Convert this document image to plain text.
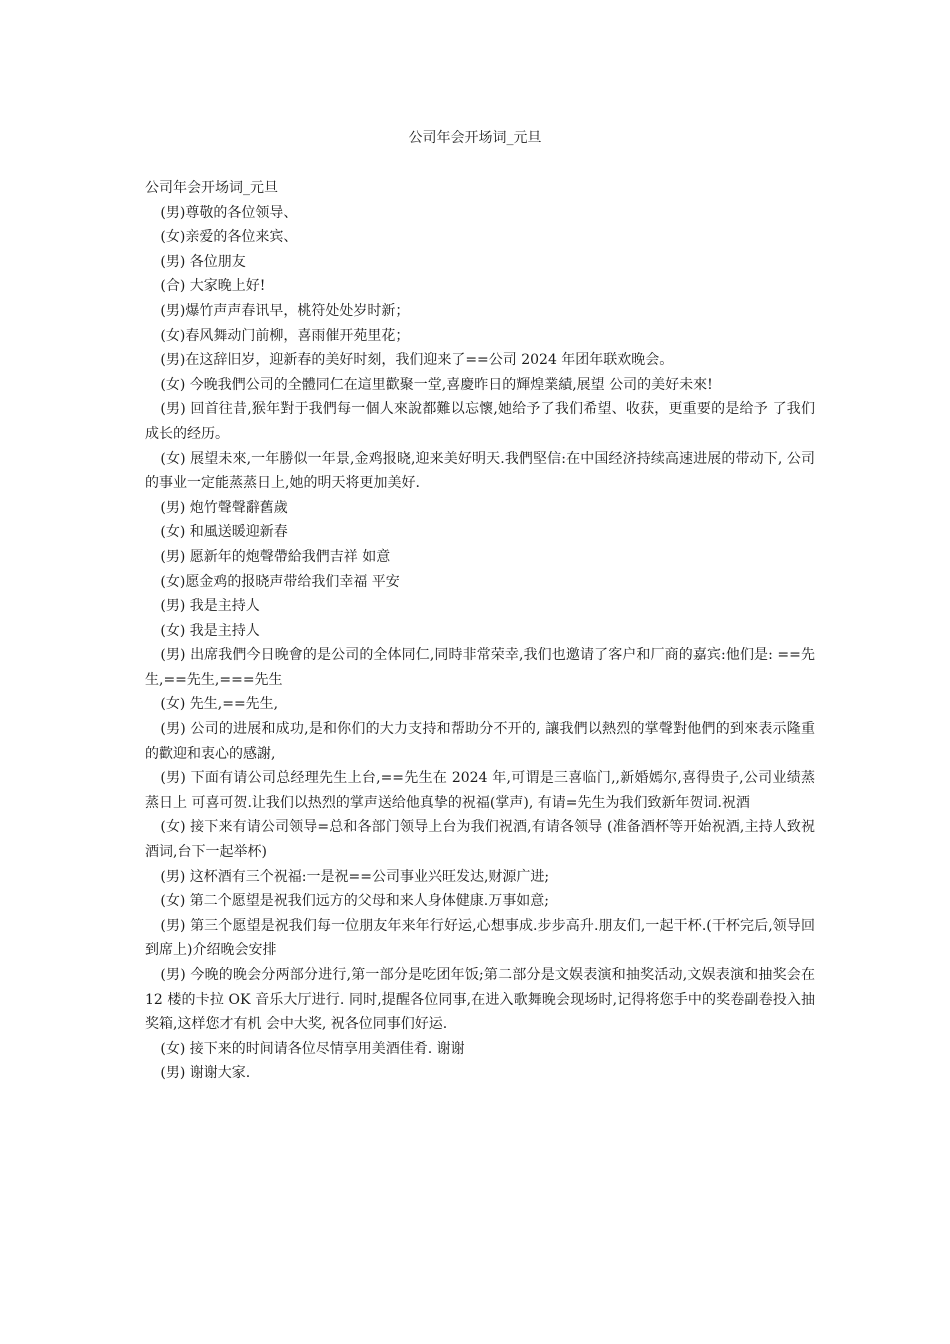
公司年会开场词_元旦

公司年会开场词_元旦

(男)尊敬的各位领导、

(女)亲爱的各位来宾、

(男) 各位朋友

(合) 大家晚上好!

(男)爆竹声声春讯早，桃符处处岁时新；

(女)春风舞动门前柳，喜雨催开苑里花；

(男)在这辞旧岁，迎新春的美好时刻，我们迎来了==公司 2024 年团年联欢晚会。

(女) 今晚我們公司的全體同仁在這里歡聚一堂,喜慶昨日的輝煌業績,展望 公司的美好未來!

(男) 回首往昔,猴年對于我們每一個人來說都難以忘懷,她给予了我们希望、收获，更重要的是给予 了我们成长的经历。

(女) 展望未來,一年勝似一年景,金鸡报晓,迎来美好明天.我們堅信:在中国经济持续高速进展的带动下, 公司的事业一定能蒸蒸日上,她的明天将更加美好.

(男) 炮竹聲聲辭舊歲

(女) 和風送暖迎新春

(男) 愿新年的炮聲帶給我們吉祥 如意

(女)愿金鸡的报晓声带给我们幸福 平安

(男) 我是主持人

(女) 我是主持人

(男) 出席我們今日晚會的是公司的全体同仁,同時非常荣幸,我们也邀请了客户和厂商的嘉宾:他们是: ==先生,==先生,===先生

(女) 先生,==先生,

(男) 公司的进展和成功,是和你们的大力支持和帮助分不开的, 讓我們以熱烈的掌聲對他們的到來表示隆重的歡迎和衷心的感謝,

(男) 下面有请公司总经理先生上台,==先生在 2024 年,可谓是三喜临门,,新婚嫣尔,喜得贵子,公司业绩蒸蒸日上 可喜可贺.让我们以热烈的掌声送给他真挚的祝福(掌声), 有请=先生为我们致新年贺词.祝酒

(女) 接下来有请公司领导=总和各部门领导上台为我们祝酒,有请各领导 (准备酒杯等开始祝酒,主持人致祝酒词,台下一起举杯)

(男) 这杯酒有三个祝福:一是祝==公司事业兴旺发达,财源广进;

(女) 第二个愿望是祝我们远方的父母和来人身体健康.万事如意;

(男) 第三个愿望是祝我们每一位朋友年来年行好运,心想事成.步步高升.朋友们,一起干杯.(干杯完后,领导回到席上)介绍晚会安排

(男) 今晚的晚会分两部分进行,第一部分是吃团年饭;第二部分是文娱表演和抽奖活动,文娱表演和抽奖会在 12 楼的卡拉 OK 音乐大厅进行. 同时,提醒各位同事,在进入歌舞晚会现场时,记得将您手中的奖卷副卷投入抽奖箱,这样您才有机 会中大奖, 祝各位同事们好运.

(女) 接下来的时间请各位尽情享用美酒佳肴. 谢谢

(男) 谢谢大家.
